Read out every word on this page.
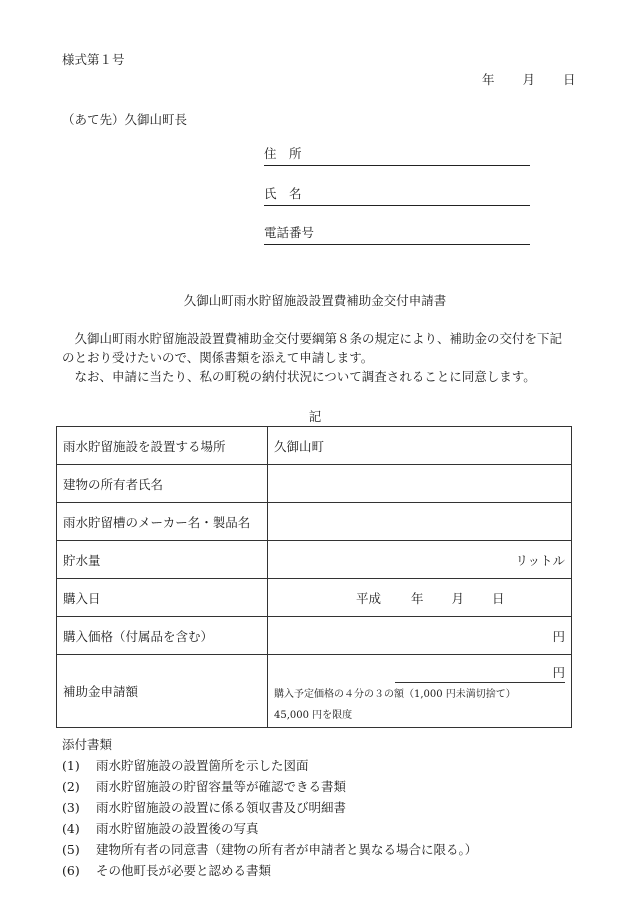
様式第１号
年 月 日
（あて先）久御山町長
住　所
氏　名
電話番号
久御山町雨水貯留施設設置費補助金交付申請書
久御山町雨水貯留施設設置費補助金交付要綱第８条の規定により、補助金の交付を下記のとおり受けたいので、関係書類を添えて申請します。
なお、申請に当たり、私の町税の納付状況について調査されることに同意します。
記
雨水貯留施設を設置する場所	久御山町
建物の所有者氏名	
雨水貯留槽のメーカー名・製品名	
貯水量	リットル
購入日	平成 年 月 日

購入価格（付属品を含む）	円
補助金申請額	円
購入予定価格の４分の３の額（1,000 円未満切捨て）
45,000 円を限度
添付書類
(1) 雨水貯留施設の設置箇所を示した図面
(2) 雨水貯留施設の貯留容量等が確認できる書類
(3) 雨水貯留施設の設置に係る領収書及び明細書
(4) 雨水貯留施設の設置後の写真
(5) 建物所有者の同意書（建物の所有者が申請者と異なる場合に限る。）
(6) その他町長が必要と認める書類
